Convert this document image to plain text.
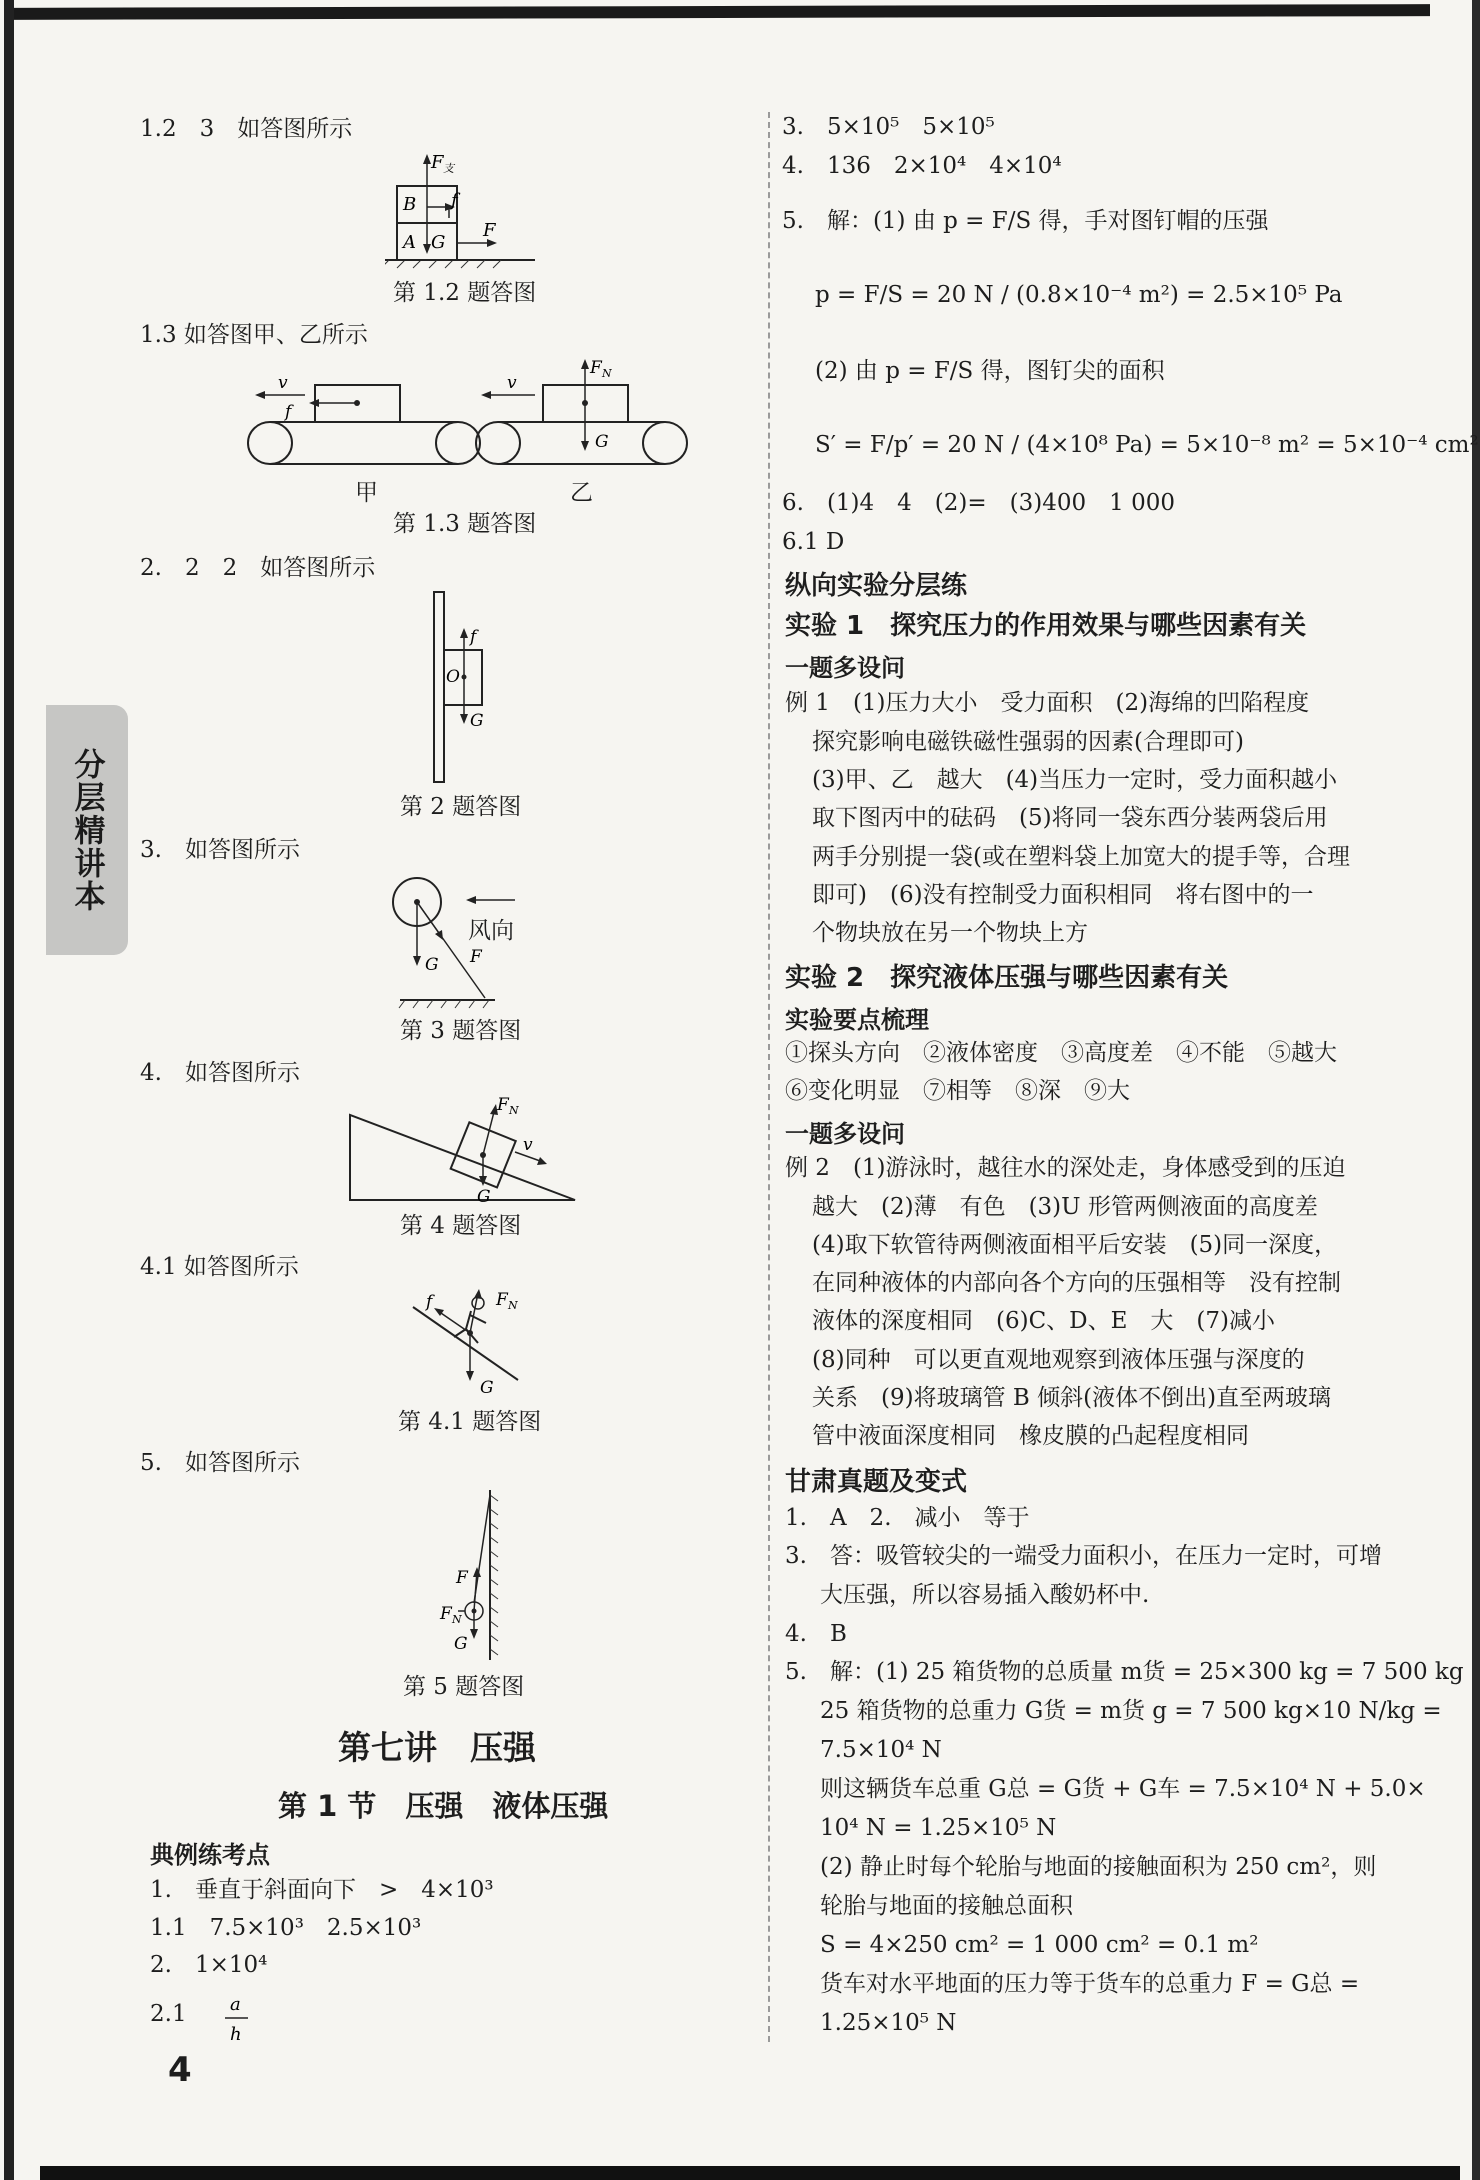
分层精讲本
1.2　3　如答图所示
F 支
B f
A G
F
第 1.2 题答图
1.3 如答图甲、乙所示
v
f
v
F N
G
甲	乙
第 1.3 题答图
2.　2　2　如答图所示
f
O
G
第 2 题答图
3.　如答图所示
G F
风向
第 3 题答图
4.　如答图所示
F N
v
G
第 4 题答图
4.1 如答图所示
f	F N
G
第 4.1 题答图
5.　如答图所示
F
F N
G
第 5 题答图
第七讲　压强
第 1 节　压强　液体压强
典例练考点
1.　垂直于斜面向下　>　4×10³
1.1　7.5×10³　2.5×10³
2.　1×10⁴
2.1 a
h
4
3.　5×10⁵　5×10⁵
4.　136　2×10⁴　4×10⁴
5.　解：(1) 由 p = F/S 得，手对图钉帽的压强
p = F/S = 20 N / (0.8×10⁻⁴ m²) = 2.5×10⁵ Pa
(2) 由 p = F/S 得，图钉尖的面积
S′ = F/p′ = 20 N / (4×10⁸ Pa) = 5×10⁻⁸ m² = 5×10⁻⁴ cm²
6.　(1)4　4　(2)=　(3)400　1 000
6.1 D
纵向实验分层练
实验 1　探究压力的作用效果与哪些因素有关
一题多设问
例 1　(1)压力大小　受力面积　(2)海绵的凹陷程度
探究影响电磁铁磁性强弱的因素(合理即可)
(3)甲、乙　越大　(4)当压力一定时，受力面积越小
取下图丙中的砝码　(5)将同一袋东西分装两袋后用
两手分别提一袋(或在塑料袋上加宽大的提手等，合理
即可)　(6)没有控制受力面积相同　将右图中的一
个物块放在另一个物块上方
实验 2　探究液体压强与哪些因素有关
实验要点梳理
①探头方向　②液体密度　③高度差　④不能　⑤越大
⑥变化明显　⑦相等　⑧深　⑨大
一题多设问
例 2　(1)游泳时，越往水的深处走，身体感受到的压迫
越大　(2)薄　有色　(3)U 形管两侧液面的高度差
(4)取下软管待两侧液面相平后安装　(5)同一深度，
在同种液体的内部向各个方向的压强相等　没有控制
液体的深度相同　(6)C、D、E　大　(7)减小
(8)同种　可以更直观地观察到液体压强与深度的
关系　(9)将玻璃管 B 倾斜(液体不倒出)直至两玻璃
管中液面深度相同　橡皮膜的凸起程度相同
甘肃真题及变式
1.　A　2.　减小　等于
3.　答：吸管较尖的一端受力面积小，在压力一定时，可增
大压强，所以容易插入酸奶杯中.
4.　B
5.　解：(1) 25 箱货物的总质量 m货 = 25×300 kg = 7 500 kg
25 箱货物的总重力 G货 = m货 g = 7 500 kg×10 N/kg =
7.5×10⁴ N
则这辆货车总重 G总 = G货 + G车 = 7.5×10⁴ N + 5.0×
10⁴ N = 1.25×10⁵ N
(2) 静止时每个轮胎与地面的接触面积为 250 cm²，则
轮胎与地面的接触总面积
S = 4×250 cm² = 1 000 cm² = 0.1 m²
货车对水平地面的压力等于货车的总重力 F = G总 =
1.25×10⁵ N
